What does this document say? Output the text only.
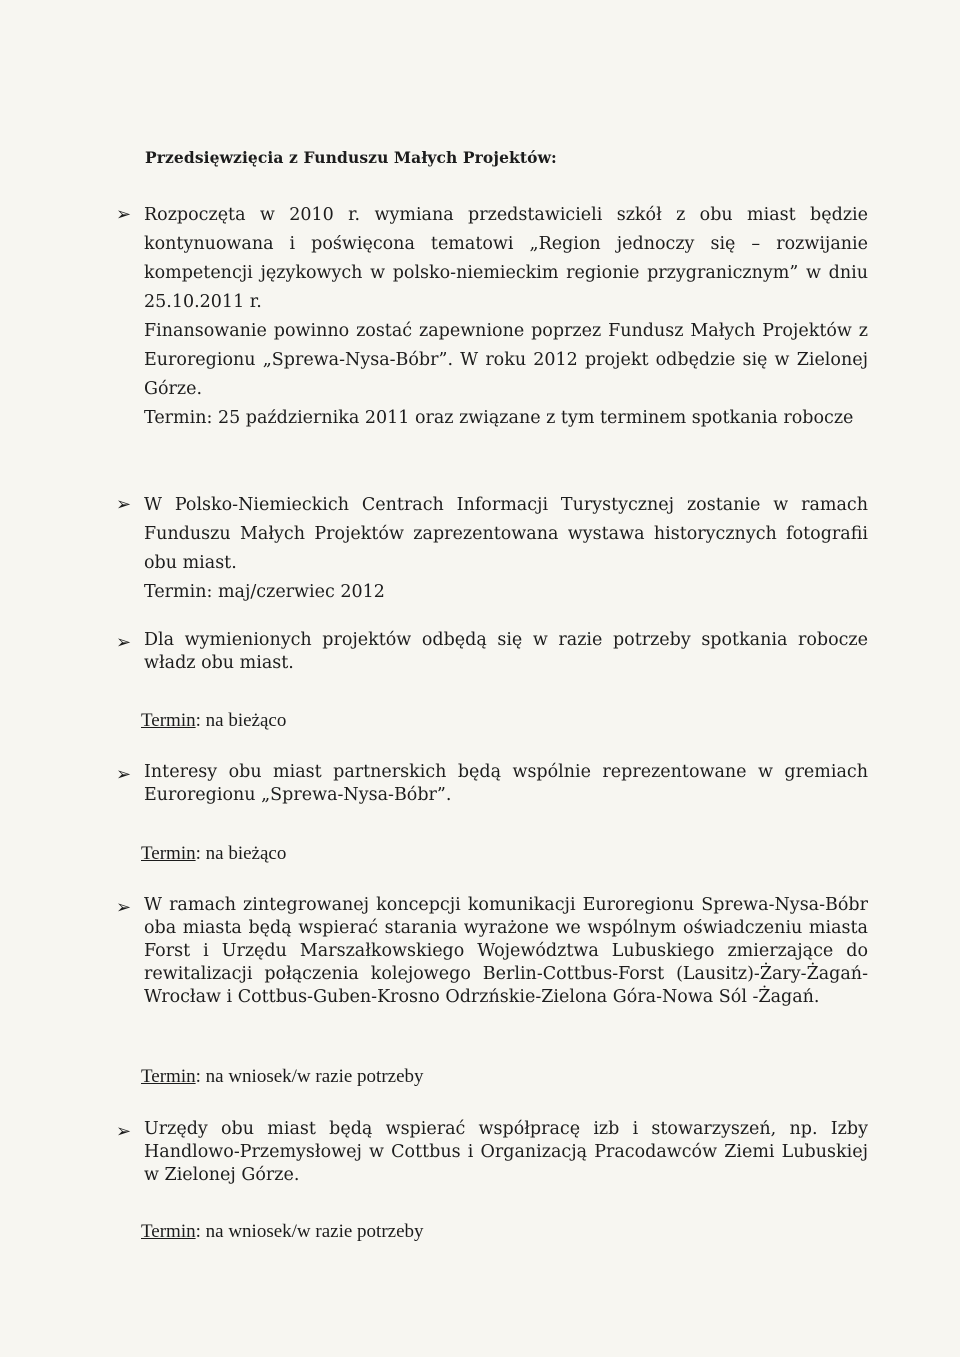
Przedsięwzięcia z Funduszu Małych Projektów:
➢ Rozpoczęta w 2010 r. wymiana przedstawicieli szkół z obu miast będzie kontynuowana i poświęcona tematowi „Region jednoczy się – rozwijanie kompetencji językowych w polsko-niemieckim regionie przygranicznym” w dniu 25.10.2011 r.

Finansowanie powinno zostać zapewnione poprzez Fundusz Małych Projektów z Euroregionu „Sprewa-Nysa-Bóbr”. W roku 2012 projekt odbędzie się w Zielonej Górze.

Termin: 25 października 2011 oraz związane z tym terminem spotkania robocze

➢ W Polsko-Niemieckich Centrach Informacji Turystycznej zostanie w ramach Funduszu Małych Projektów zaprezentowana wystawa historycznych fotografii obu miast.

Termin: maj/czerwiec 2012

➢ Dla wymienionych projektów odbędą się w razie potrzeby spotkania robocze władz obu miast.

Termin: na bieżąco
➢ Interesy obu miast partnerskich będą wspólnie reprezentowane w gremiach Euroregionu „Sprewa-Nysa-Bóbr”.

Termin: na bieżąco
➢ W ramach zintegrowanej koncepcji komunikacji Euroregionu Sprewa-Nysa-Bóbr oba miasta będą wspierać starania wyrażone we wspólnym oświadczeniu miasta Forst i Urzędu Marszałkowskiego Województwa Lubuskiego zmierzające do rewitalizacji połączenia kolejowego Berlin-Cottbus-Forst (Lausitz)-Żary-Żagań-Wrocław i Cottbus-Guben-Krosno Odrzńskie-Zielona Góra-Nowa Sól -Żagań.

Termin: na wniosek/w razie potrzeby
➢ Urzędy obu miast będą wspierać współpracę izb i stowarzyszeń, np. Izby Handlowo-Przemysłowej w Cottbus i Organizacją Pracodawców Ziemi Lubuskiej w Zielonej Górze.

Termin: na wniosek/w razie potrzeby
